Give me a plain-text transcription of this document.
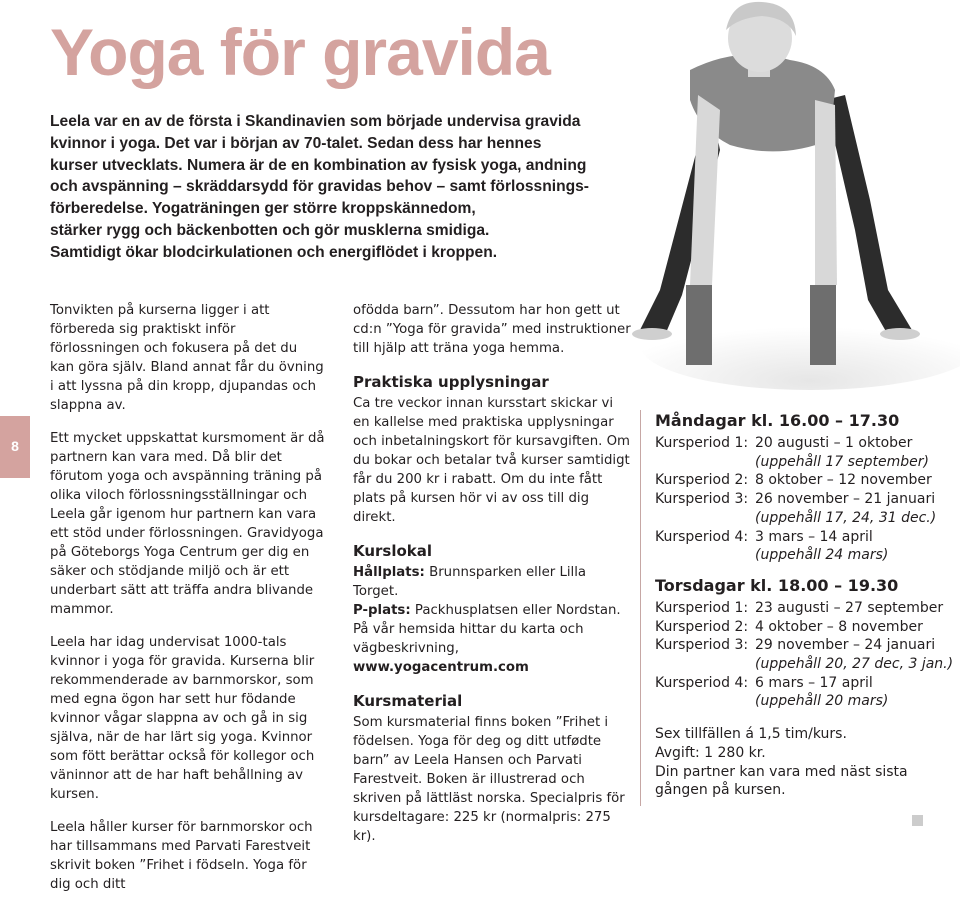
Yoga för gravida
Leela var en av de första i Skandinavien som började undervisa gravida
kvinnor i yoga. Det var i början av 70-talet. Sedan dess har hennes
kurser utvecklats. Numera är de en kombination av fysisk yoga, andning
och avspänning – skräddarsydd för gravidas behov – samt förlossnings-
förberedelse. Yogaträningen ger större kroppskännedom,
stärker rygg och bäckenbotten och gör musklerna smidiga.
Samtidigt ökar blodcirkulationen och energiflödet i kroppen.
8

Tonvikten på kurserna ligger i att förbereda sig praktiskt inför förlossningen och fokusera på det du kan göra själv. Bland annat får du övning i att lyssna på din kropp, djupandas och slappna av.

Ett mycket uppskattat kursmoment är då partnern kan vara med. Då blir det förutom yoga och avspänning träning på olika viloch förlossningsställningar och Leela går igenom hur partnern kan vara ett stöd under förlossningen. Gravidyoga på Göteborgs Yoga Centrum ger dig en säker och stödjande miljö och är ett underbart sätt att träffa andra blivande mammor.

Leela har idag undervisat 1000-tals kvinnor i yoga för gravida. Kurserna blir rekommenderade av barnmorskor, som med egna ögon har sett hur födande kvinnor vågar slappna av och gå in sig själva, när de har lärt sig yoga. Kvinnor som fött berättar också för kollegor och väninnor att de har haft behållning av kursen.

Leela håller kurser för barnmorskor och har tillsammans med Parvati Farestveit skrivit boken ”Frihet i födseln. Yoga för dig och ditt

ofödda barn”. Dessutom har hon gett ut cd:n ”Yoga för gravida” med instruktioner till hjälp att träna yoga hemma.

Praktiska upplysningar

Ca tre veckor innan kursstart skickar vi en kallelse med praktiska upplysningar och inbetalningskort för kursavgiften. Om du bokar och betalar två kurser samtidigt får du 200 kr i rabatt. Om du inte fått plats på kursen hör vi av oss till dig direkt.

Kurslokal

Hållplats: Brunnsparken eller Lilla Torget.
P-plats: Packhusplatsen eller Nordstan.
På vår hemsida hittar du karta och vägbeskrivning,
www.yogacentrum.com

Kursmaterial

Som kursmaterial finns boken ”Frihet i födelsen. Yoga för deg og ditt utfødte barn” av Leela Hansen och Parvati Farestveit. Boken är illustrerad och skriven på lättläst norska. Specialpris för kursdeltagare: 225 kr (normalpris: 275 kr).

Måndagar kl. 16.00 – 17.30
Kursperiod 1: 20 augusti – 1 oktober
(uppehåll 17 september)
Kursperiod 2: 8 oktober – 12 november
Kursperiod 3: 26 november – 21 januari
(uppehåll 17, 24, 31 dec.)
Kursperiod 4: 3 mars – 14 april
(uppehåll 24 mars)
Torsdagar kl. 18.00 – 19.30
Kursperiod 1: 23 augusti – 27 september
Kursperiod 2: 4 oktober – 8 november
Kursperiod 3: 29 november – 24 januari
(uppehåll 20, 27 dec, 3 jan.)
Kursperiod 4: 6 mars – 17 april
(uppehåll 20 mars)
Sex tillfällen á 1,5 tim/kurs.
Avgift: 1 280 kr.
Din partner kan vara med näst sista gången på kursen.
